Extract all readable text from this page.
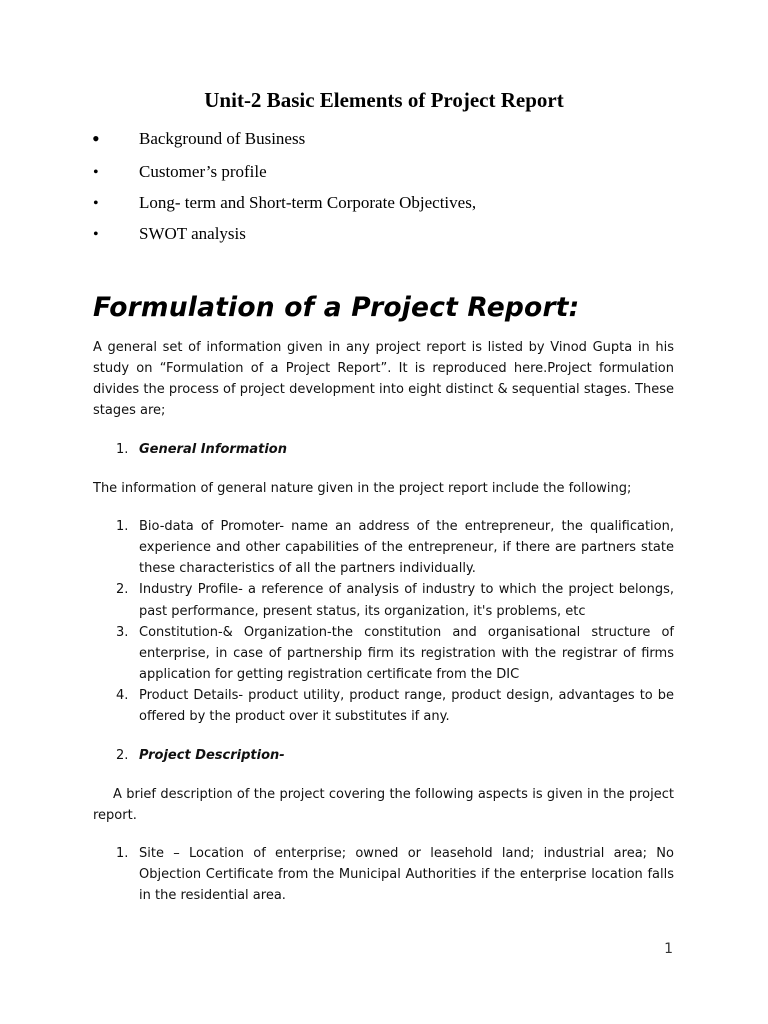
Unit-2 Basic Elements of Project Report
• Background of Business
• Customer’s profile
• Long- term and Short-term Corporate Objectives,
• SWOT analysis
Formulation of a Project Report:
A general set of information given in any project report is listed by Vinod Gupta in his
study on “Formulation of a Project Report”. It is reproduced here.Project formulation
divides the process of project development into eight distinct & sequential stages. These
stages are;
1. General Information
The information of general nature given in the project report include the following;
1. Bio-data of Promoter- name an address of the entrepreneur, the qualification,
experience and other capabilities of the entrepreneur, if there are partners state
these characteristics of all the partners individually.
2. Industry Profile- a reference of analysis of industry to which the project belongs,
past performance, present status, its organization, it's problems, etc
3. Constitution-& Organization-the constitution and organisational structure of
enterprise, in case of partnership firm its registration with the registrar of firms
application for getting registration certificate from the DIC
4. Product Details- product utility, product range, product design, advantages to be
offered by the product over it substitutes if any.
2. Project Description-
A brief description of the project covering the following aspects is given in the project
report.
1. Site – Location of enterprise; owned or leasehold land; industrial area; No
Objection Certificate from the Municipal Authorities if the enterprise location falls
in the residential area.
1
